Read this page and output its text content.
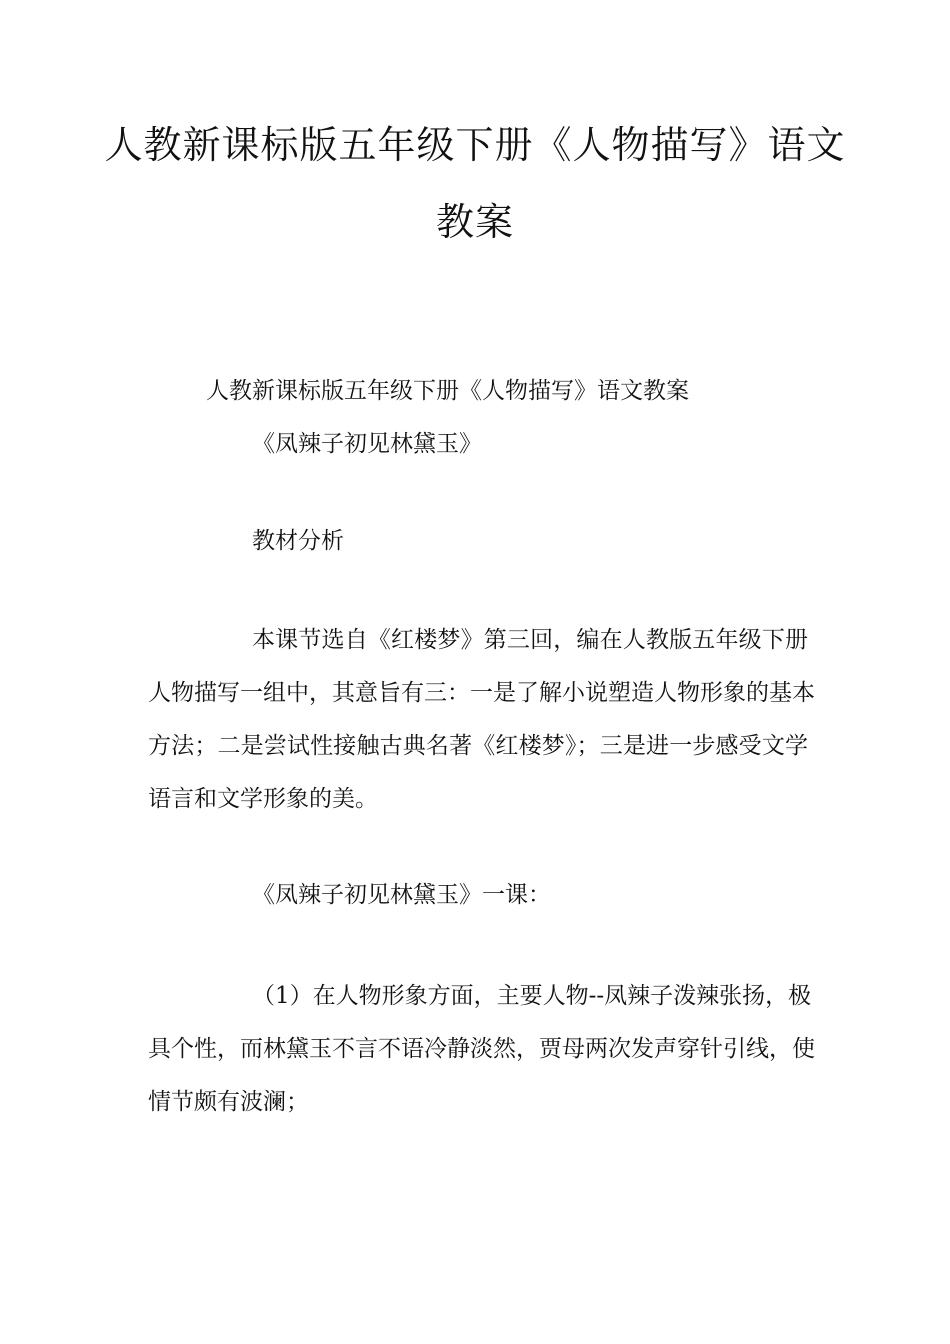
人教新课标版五年级下册《人物描写》语文
教案
人教新课标版五年级下册《人物描写》语文教案
《凤辣子初见林黛玉》
教材分析
本课节选自《红楼梦》第三回，编在人教版五年级下册
人物描写一组中，其意旨有三：一是了解小说塑造人物形象的基本
方法；二是尝试性接触古典名著《红楼梦》；三是进一步感受文学
语言和文学形象的美。
《凤辣子初见林黛玉》一课：
（1）在人物形象方面，主要人物--凤辣子泼辣张扬，极
具个性，而林黛玉不言不语冷静淡然，贾母两次发声穿针引线，使
情节颇有波澜；
